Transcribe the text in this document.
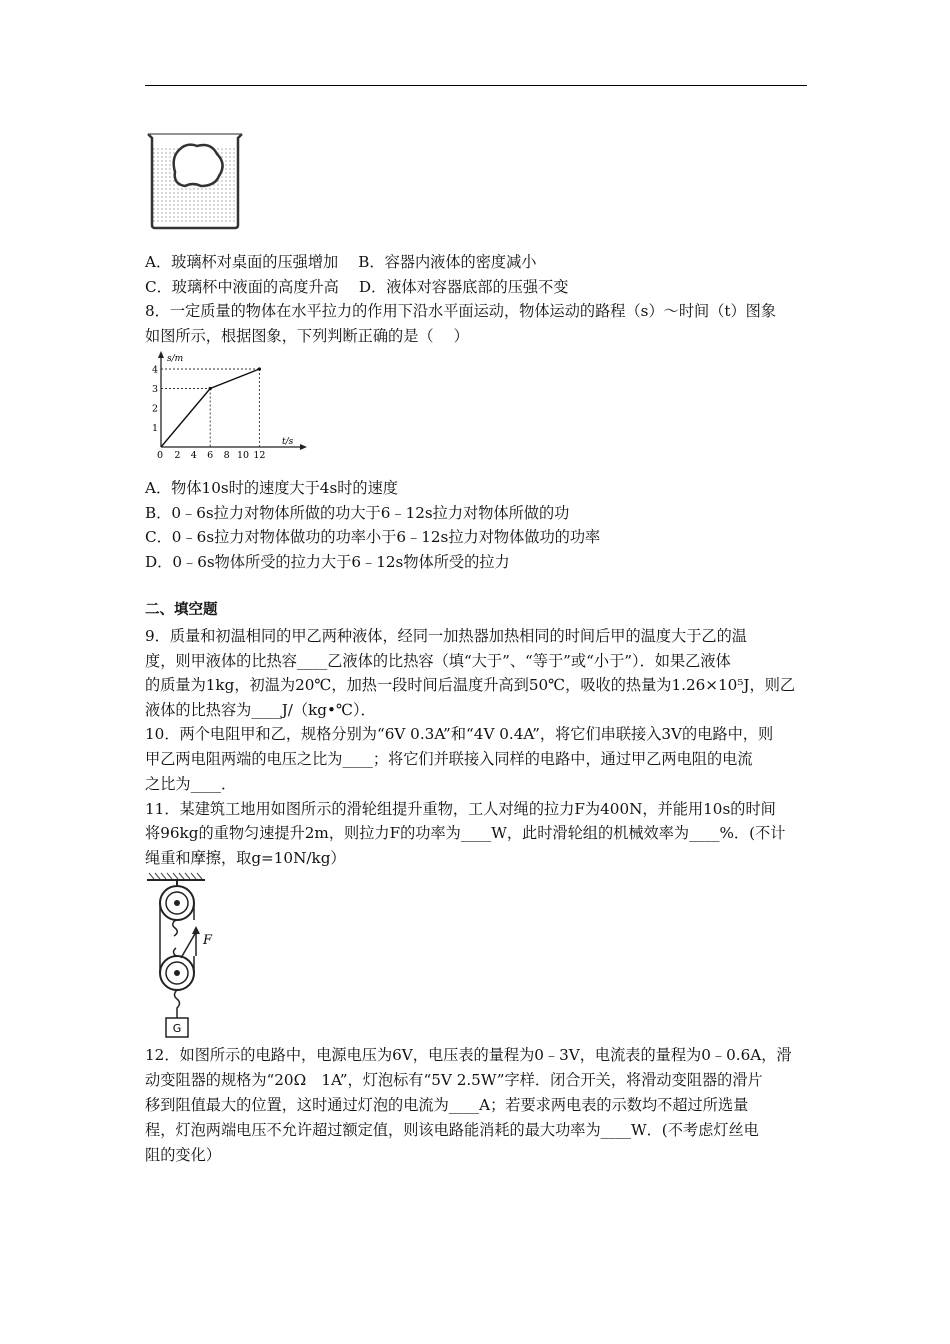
A．玻璃杯对桌面的压强增加 　B．容器内液体的密度减小
C．玻璃杯中液面的高度升高 　D．液体对容器底部的压强不变
8．一定质量的物体在水平拉力的作用下沿水平面运动，物体运动的路程（s）～时间（t）图象
如图所示，根据图象，下列判断正确的是（　 ）
s/m
t/s
0 2 4 6 8 10 12
1
2
3
4
A．物体10s时的速度大于4s时的速度
B．0﹣6s拉力对物体所做的功大于6﹣12s拉力对物体所做的功
C．0﹣6s拉力对物体做功的功率小于6﹣12s拉力对物体做功的功率
D．0﹣6s物体所受的拉力大于6﹣12s物体所受的拉力
二、填空题
9．质量和初温相同的甲乙两种液体，经同一加热器加热相同的时间后甲的温度大于乙的温
度，则甲液体的比热容____乙液体的比热容（填“大于”、“等于”或“小于”）．如果乙液体
的质量为1kg，初温为20℃，加热一段时间后温度升高到50℃，吸收的热量为1.26×10⁵J，则乙
液体的比热容为____J/（kg•℃）．
10．两个电阻甲和乙，规格分别为“6V 0.3A”和“4V 0.4A”，将它们串联接入3V的电路中，则
甲乙两电阻两端的电压之比为____；将它们并联接入同样的电路中，通过甲乙两电阻的电流
之比为____．
11．某建筑工地用如图所示的滑轮组提升重物，工人对绳的拉力F为400N，并能用10s的时间
将96kg的重物匀速提升2m，则拉力F的功率为____W，此时滑轮组的机械效率为____%．(不计
绳重和摩擦，取g=10N/kg）
F
G
12．如图所示的电路中，电源电压为6V，电压表的量程为0﹣3V，电流表的量程为0﹣0.6A，滑
动变阻器的规格为“20Ω　1A”，灯泡标有“5V 2.5W”字样．闭合开关，将滑动变阻器的滑片
移到阻值最大的位置，这时通过灯泡的电流为____A；若要求两电表的示数均不超过所选量
程，灯泡两端电压不允许超过额定值，则该电路能消耗的最大功率为____W．(不考虑灯丝电
阻的变化）
